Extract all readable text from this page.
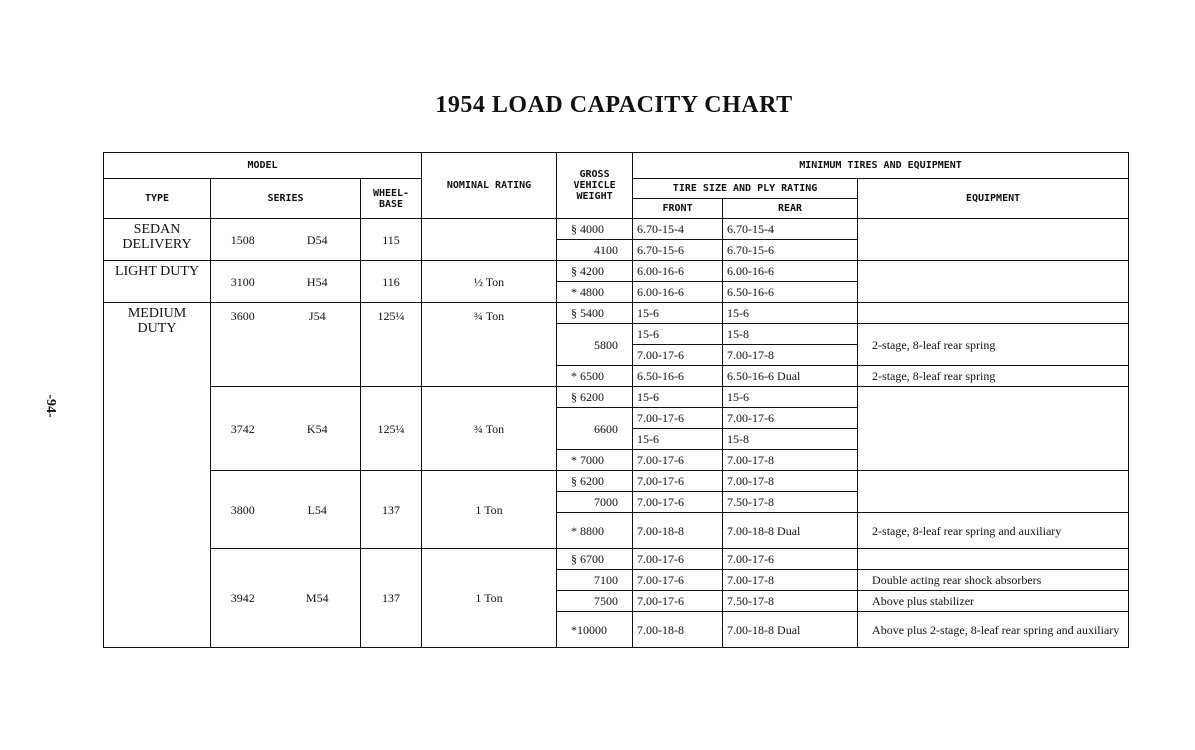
1954 LOAD CAPACITY CHART
-94-
MODEL				NOMINAL RATING	GROSS VEHICLE WEIGHT	MINIMUM TIRES AND EQUIPMENT		
TYPE	SERIES		WHEEL-BASE			TIRE SIZE AND PLY RATING		EQUIPMENT
						FRONT	REAR	
SEDAN DELIVERY	1508	D54	115		§ 4000	6.70-15-4	6.70-15-4	
					4100	6.70-15-6	6.70-15-6	
LIGHT DUTY	3100	H54	116	½ Ton	§ 4200	6.00-16-6	6.00-16-6	
					* 4800	6.00-16-6	6.50-16-6	
MEDIUM DUTY	3600	J54	125¼	¾ Ton	§ 5400	15-6	15-6	
					5800	15-6	15-8	2-stage, 8-leaf rear spring
						7.00-17-6	7.00-17-8	
					* 6500	6.50-16-6	6.50-16-6 Dual	2-stage, 8-leaf rear spring
	3742	K54	125¼	¾ Ton	§ 6200	15-6	15-6	
					6600	7.00-17-6	7.00-17-6	
						15-6	15-8	
					* 7000	7.00-17-6	7.00-17-8	
	3800	L54	137	1 Ton	§ 6200	7.00-17-6	7.00-17-8	
					7000	7.00-17-6	7.50-17-8	
					* 8800	7.00-18-8	7.00-18-8 Dual	2-stage, 8-leaf rear spring and auxiliary
	3942	M54	137	1 Ton	§ 6700	7.00-17-6	7.00-17-6	
					7100	7.00-17-6	7.00-17-8	Double acting rear shock absorbers
					7500	7.00-17-6	7.50-17-8	Above plus stabilizer
					*10000	7.00-18-8	7.00-18-8 Dual	Above plus 2-stage, 8-leaf rear spring and auxiliary
